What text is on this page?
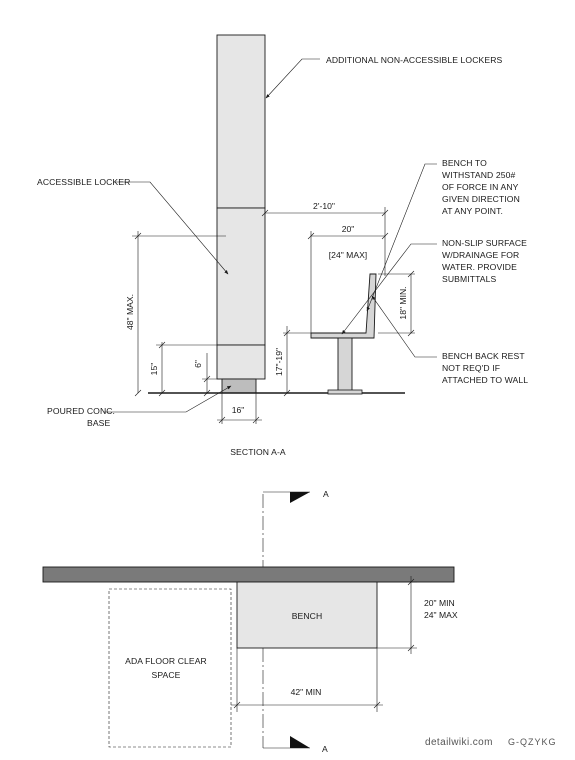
ADDITIONAL NON-ACCESSIBLE LOCKERS
ACCESSIBLE LOCKER
BENCH TO
WITHSTAND 250#
OF FORCE IN ANY
GIVEN DIRECTION
AT ANY POINT.
NON-SLIP SURFACE
W/DRAINAGE FOR
WATER. PROVIDE
SUBMITTALS
BENCH BACK REST
NOT REQ'D IF
ATTACHED TO WALL
POURED CONC.
BASE
2'-10"
20"
[24" MAX]
18" MIN.
48" MAX.
15"	6"	17"-19"
16"
SECTION A-A
A
A
ADA FLOOR CLEAR
SPACE
BENCH
42" MIN
20" MIN
24" MAX
detailwiki.com G-QZYKG
